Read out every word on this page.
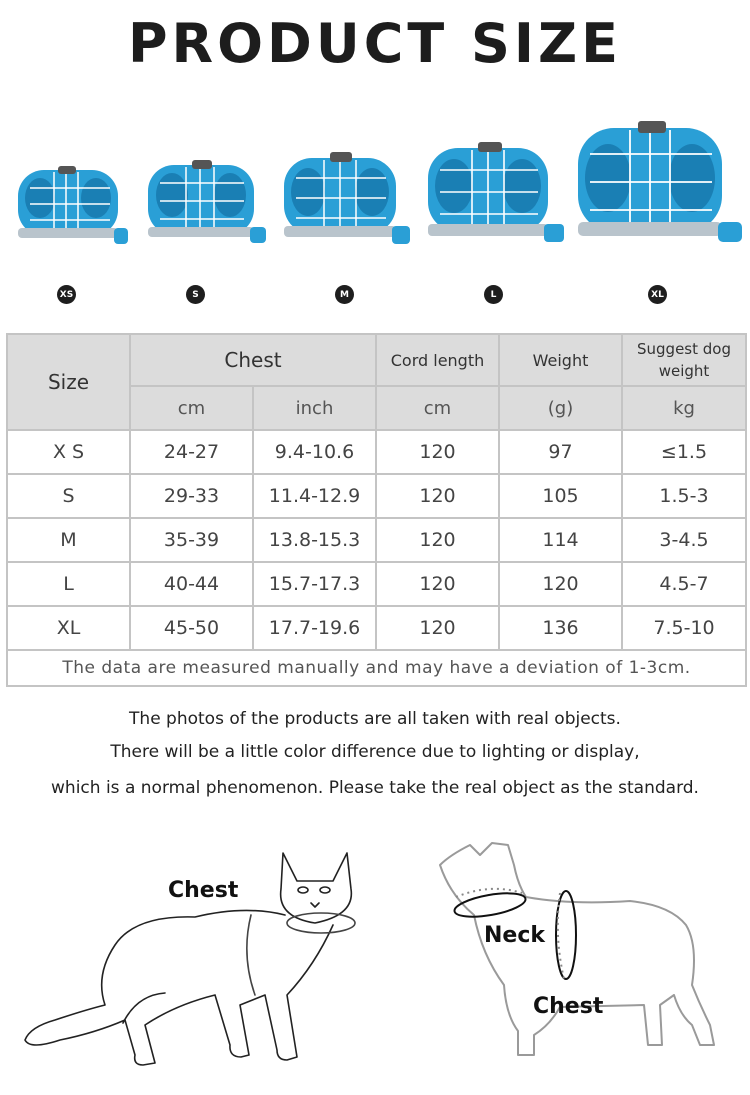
PRODUCT SIZE
XS	S	M	L	XL
Size	Chest		Cord length	Weight	Suggest dog weight
	cm	inch	cm	(g)	kg
X S	24-27	9.4-10.6	120	97	≤1.5
S	29-33	11.4-12.9	120	105	1.5-3
M	35-39	13.8-15.3	120	114	3-4.5
L	40-44	15.7-17.3	120	120	4.5-7
XL	45-50	17.7-19.6	120	136	7.5-10
The data are measured manually and may have a deviation of 1-3cm.					
The photos of the products are all taken with real objects.
There will be a little color difference due to lighting or display,
which is a normal phenomenon. Please take the real object as the standard.
Chest
Neck
Chest
